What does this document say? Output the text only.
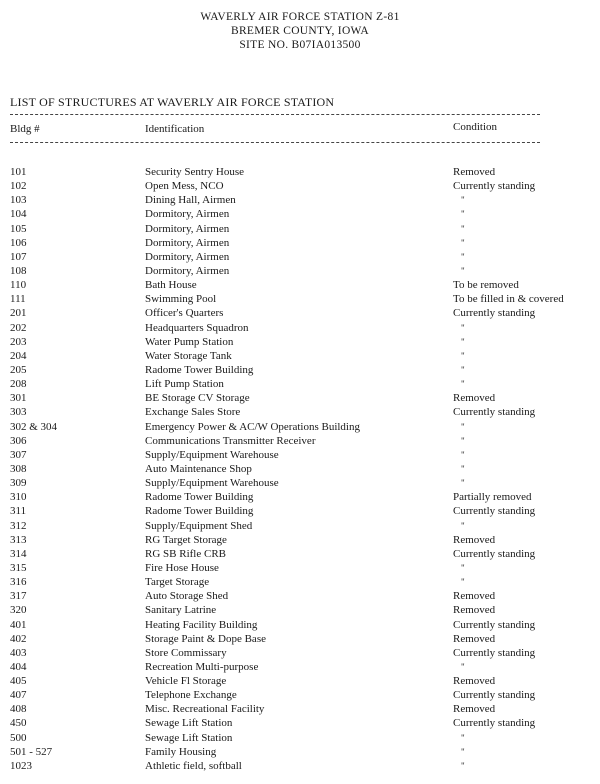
WAVERLY AIR FORCE STATION Z-81
BREMER COUNTY, IOWA
SITE NO. B07IA013500
LIST OF STRUCTURES AT WAVERLY AIR FORCE STATION
Bldg #	Identification	Condition
101	Security Sentry House	Removed
102	Open Mess, NCO	Currently standing
103	Dining Hall, Airmen	"
104	Dormitory, Airmen	"
105	Dormitory, Airmen	"
106	Dormitory, Airmen	"
107	Dormitory, Airmen	"
108	Dormitory, Airmen	"
110	Bath House	To be removed
111	Swimming Pool	To be filled in & covered
201	Officer's Quarters	Currently standing
202	Headquarters Squadron	"
203	Water Pump Station	"
204	Water Storage Tank	"
205	Radome Tower Building	"
208	Lift Pump Station	"
301	BE Storage CV Storage	Removed
303	Exchange Sales Store	Currently standing
302 & 304	Emergency Power & AC/W Operations Building	"
306	Communications Transmitter Receiver	"
307	Supply/Equipment Warehouse	"
308	Auto Maintenance Shop	"
309	Supply/Equipment Warehouse	"
310	Radome Tower Building	Partially removed
311	Radome Tower Building	Currently standing
312	Supply/Equipment Shed	"
313	RG Target Storage	Removed
314	RG SB Rifle CRB	Currently standing
315	Fire Hose House	"
316	Target Storage	"
317	Auto Storage Shed	Removed
320	Sanitary Latrine	Removed
401	Heating Facility Building	Currently standing
402	Storage Paint & Dope Base	Removed
403	Store Commissary	Currently standing
404	Recreation Multi-purpose	"
405	Vehicle Fl Storage	Removed
407	Telephone Exchange	Currently standing
408	Misc. Recreational Facility	Removed
450	Sewage Lift Station	Currently standing
500	Sewage Lift Station	"
501 - 527	Family Housing	"
1023	Athletic field, softball	"
